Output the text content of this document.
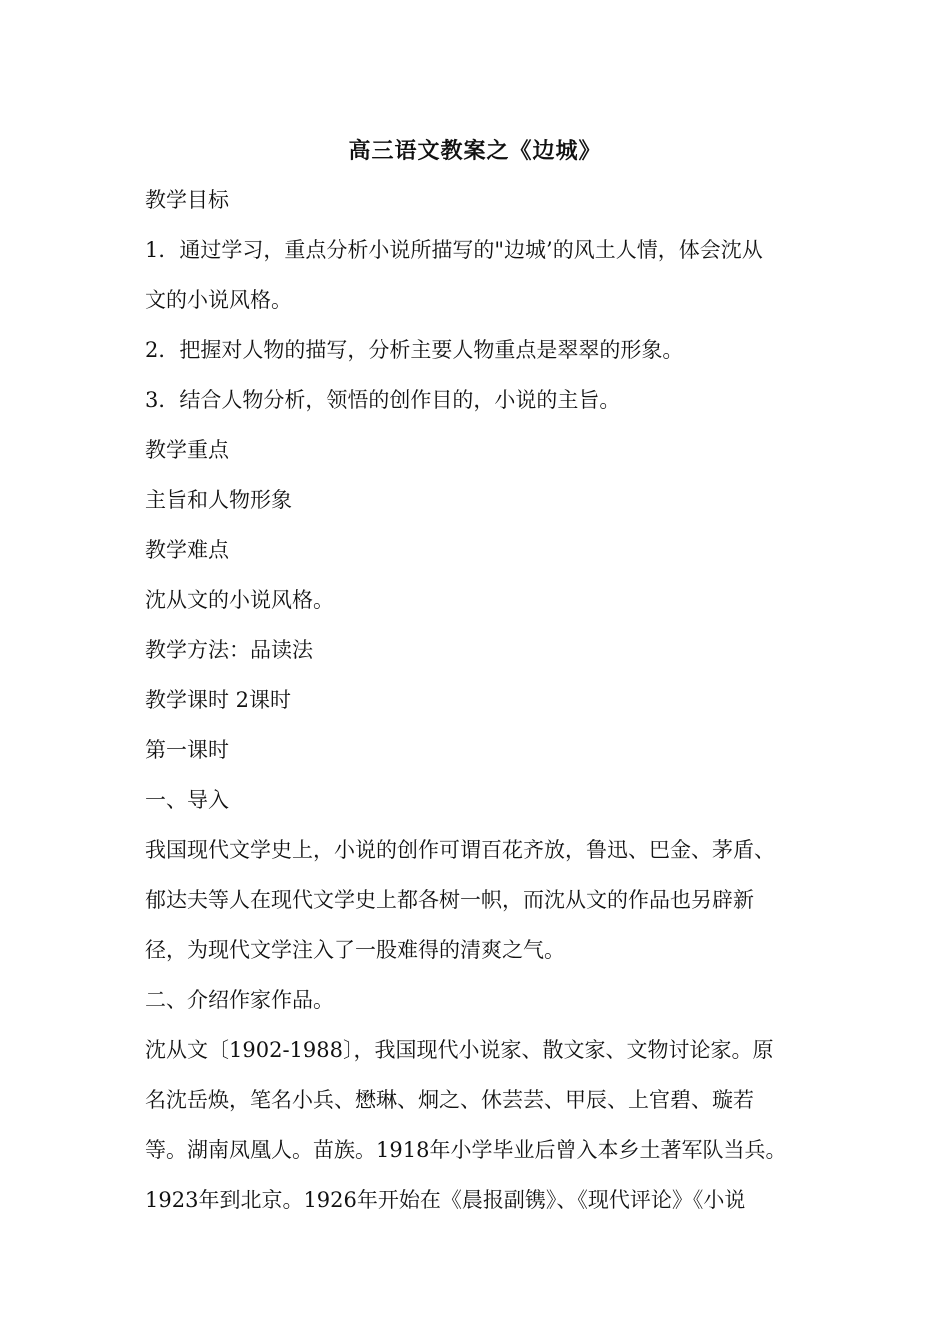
高三语文教案之《边城》
教学目标
1．通过学习，重点分析小说所描写的"边城’的风土人情，体会沈从
文的小说风格。
2．把握对人物的描写，分析主要人物重点是翠翠的形象。
3．结合人物分析，领悟的创作目的，小说的主旨。
教学重点
主旨和人物形象
教学难点
沈从文的小说风格。
教学方法：品读法
教学课时 2课时
第一课时
一、导入
我国现代文学史上，小说的创作可谓百花齐放，鲁迅、巴金、茅盾、
郁达夫等人在现代文学史上都各树一帜，而沈从文的作品也另辟新
径，为现代文学注入了一股难得的清爽之气。
二、介绍作家作品。
沈从文〔1902-1988〕，我国现代小说家、散文家、文物讨论家。原
名沈岳焕，笔名小兵、懋琳、炯之、休芸芸、甲辰、上官碧、璇若
等。湖南凤凰人。苗族。1918年小学毕业后曾入本乡土著军队当兵。
1923年到北京。1926年开始在《晨报副镌》、《现代评论》《小说
